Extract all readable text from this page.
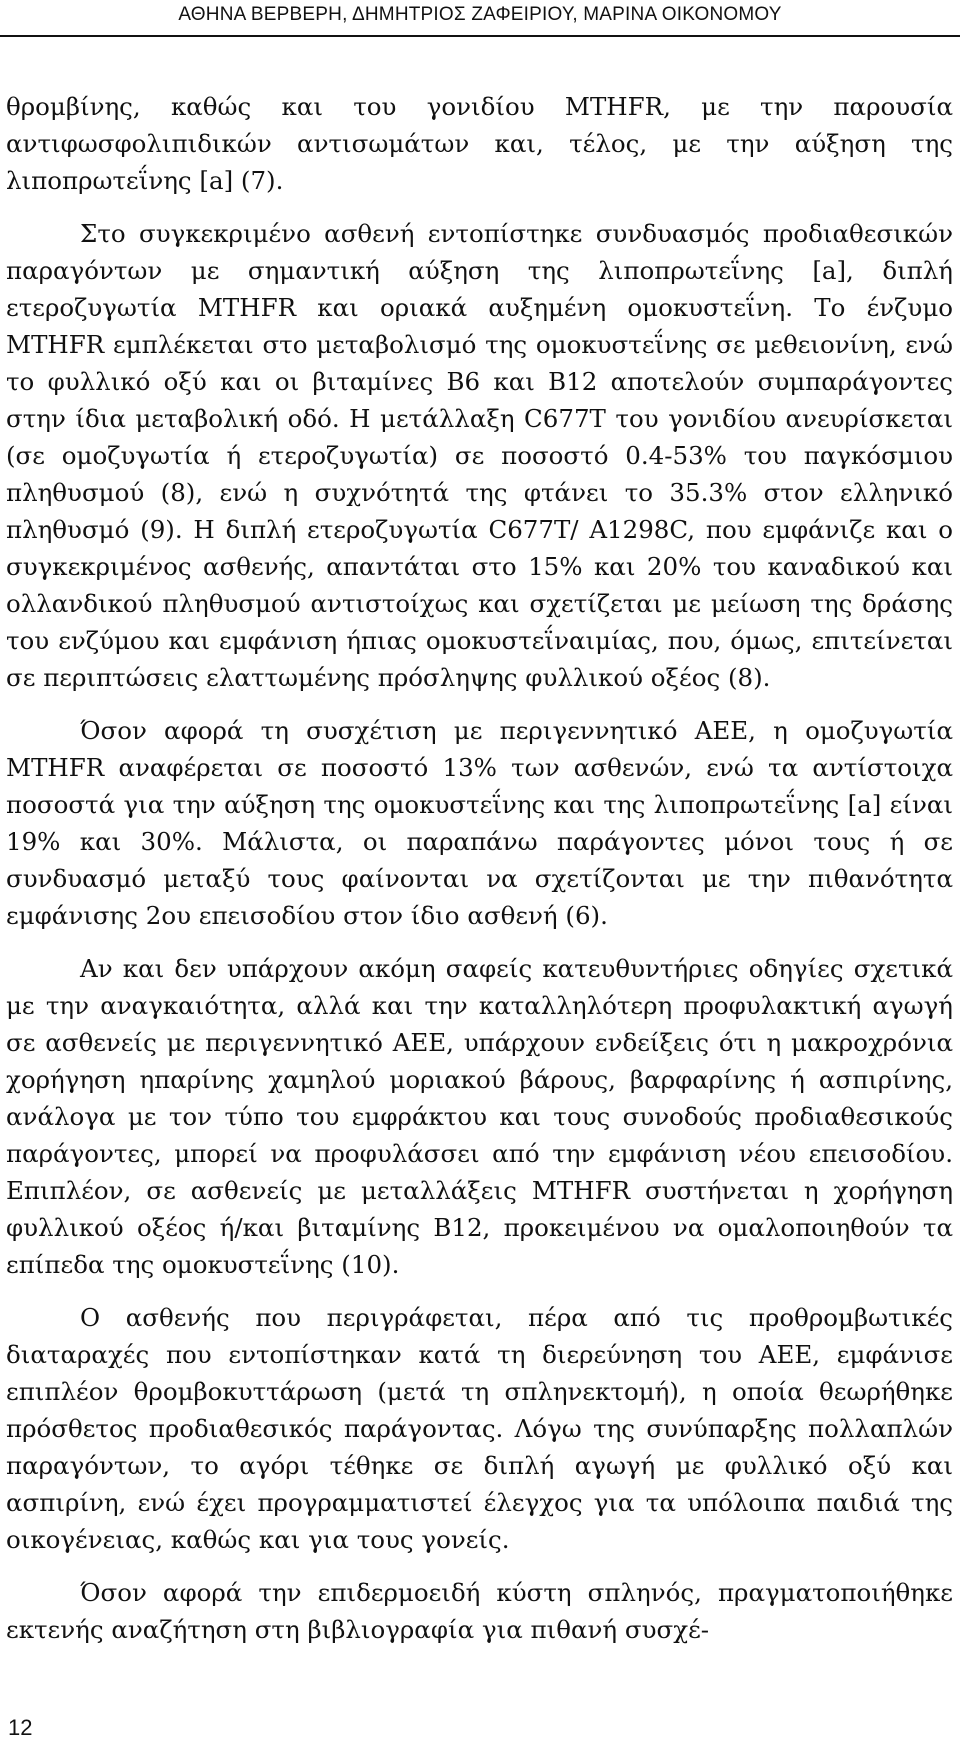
ΑΘΗΝΑ ΒΕΡΒΕΡΗ, ΔΗΜΗΤΡΙΟΣ ΖΑΦΕΙΡΙΟΥ, ΜΑΡΙΝΑ ΟΙΚΟΝΟΜΟΥ

θρομβίνης, καθώς και του γονιδίου MTHFR, με την παρουσία αντιφωσφολιπιδικών αντισωμάτων και, τέλος, με την αύξηση της λιποπρωτεΐνης [a] (7).

Στο συγκεκριμένο ασθενή εντοπίστηκε συνδυασμός προδιαθεσικών παραγόντων με σημαντική αύξηση της λιποπρωτεΐνης [a], διπλή ετεροζυγωτία MTHFR και οριακά αυξημένη ομοκυστεΐνη. Το ένζυμο MTHFR εμπλέκεται στο μεταβολισμό της ομοκυστεΐνης σε μεθειονίνη, ενώ το φυλλικό οξύ και οι βιταμίνες B6 και B12 αποτελούν συμπαράγοντες στην ίδια μεταβολική οδό. Η μετάλλαξη C677T του γονιδίου ανευρίσκεται (σε ομοζυγωτία ή ετεροζυγωτία) σε ποσοστό 0.4-53% του παγκόσμιου πληθυσμού (8), ενώ η συχνότητά της φτάνει το 35.3% στον ελληνικό πληθυσμό (9). Η διπλή ετεροζυγωτία C677T/ A1298C, που εμφάνιζε και ο συγκεκριμένος ασθενής, απαντάται στο 15% και 20% του καναδικού και ολλανδικού πληθυσμού αντιστοίχως και σχετίζεται με μείωση της δράσης του ενζύμου και εμφάνιση ήπιας ομοκυστεΐναιμίας, που, όμως, επιτείνεται σε περιπτώσεις ελαττωμένης πρόσληψης φυλλικού οξέος (8).

Όσον αφορά τη συσχέτιση με περιγεννητικό ΑΕΕ, η ομοζυγωτία MTHFR αναφέρεται σε ποσοστό 13% των ασθενών, ενώ τα αντίστοιχα ποσοστά για την αύξηση της ομοκυστεΐνης και της λιποπρωτεΐνης [a] είναι 19% και 30%. Μάλιστα, οι παραπάνω παράγοντες μόνοι τους ή σε συνδυασμό μεταξύ τους φαίνονται να σχετίζονται με την πιθανότητα εμφάνισης 2ου επεισοδίου στον ίδιο ασθενή (6).

Αν και δεν υπάρχουν ακόμη σαφείς κατευθυντήριες οδηγίες σχετικά με την αναγκαιότητα, αλλά και την καταλληλότερη προφυλακτική αγωγή σε ασθενείς με περιγεννητικό ΑΕΕ, υπάρχουν ενδείξεις ότι η μακροχρόνια χορήγηση ηπαρίνης χαμηλού μοριακού βάρους, βαρφαρίνης ή ασπιρίνης, ανάλογα με τον τύπο του εμφράκτου και τους συνοδούς προδιαθεσικούς παράγοντες, μπορεί να προφυλάσσει από την εμφάνιση νέου επεισοδίου. Επιπλέον, σε ασθενείς με μεταλλάξεις MTHFR συστήνεται η χορήγηση φυλλικού οξέος ή/και βιταμίνης B12, προκειμένου να ομαλοποιηθούν τα επίπεδα της ομοκυστεΐνης (10).

Ο ασθενής που περιγράφεται, πέρα από τις προθρομβωτικές διαταραχές που εντοπίστηκαν κατά τη διερεύνηση του ΑΕΕ, εμφάνισε επιπλέον θρομβοκυττάρωση (μετά τη σπληνεκτομή), η οποία θεωρήθηκε πρόσθετος προδιαθεσικός παράγοντας. Λόγω της συνύπαρξης πολλαπλών παραγόντων, το αγόρι τέθηκε σε διπλή αγωγή με φυλλικό οξύ και ασπιρίνη, ενώ έχει προγραμματιστεί έλεγχος για τα υπόλοιπα παιδιά της οικογένειας, καθώς και για τους γονείς.

Όσον αφορά την επιδερμοειδή κύστη σπληνός, πραγματοποιήθηκε εκτενής αναζήτηση στη βιβλιογραφία για πιθανή συσχέ-

12
